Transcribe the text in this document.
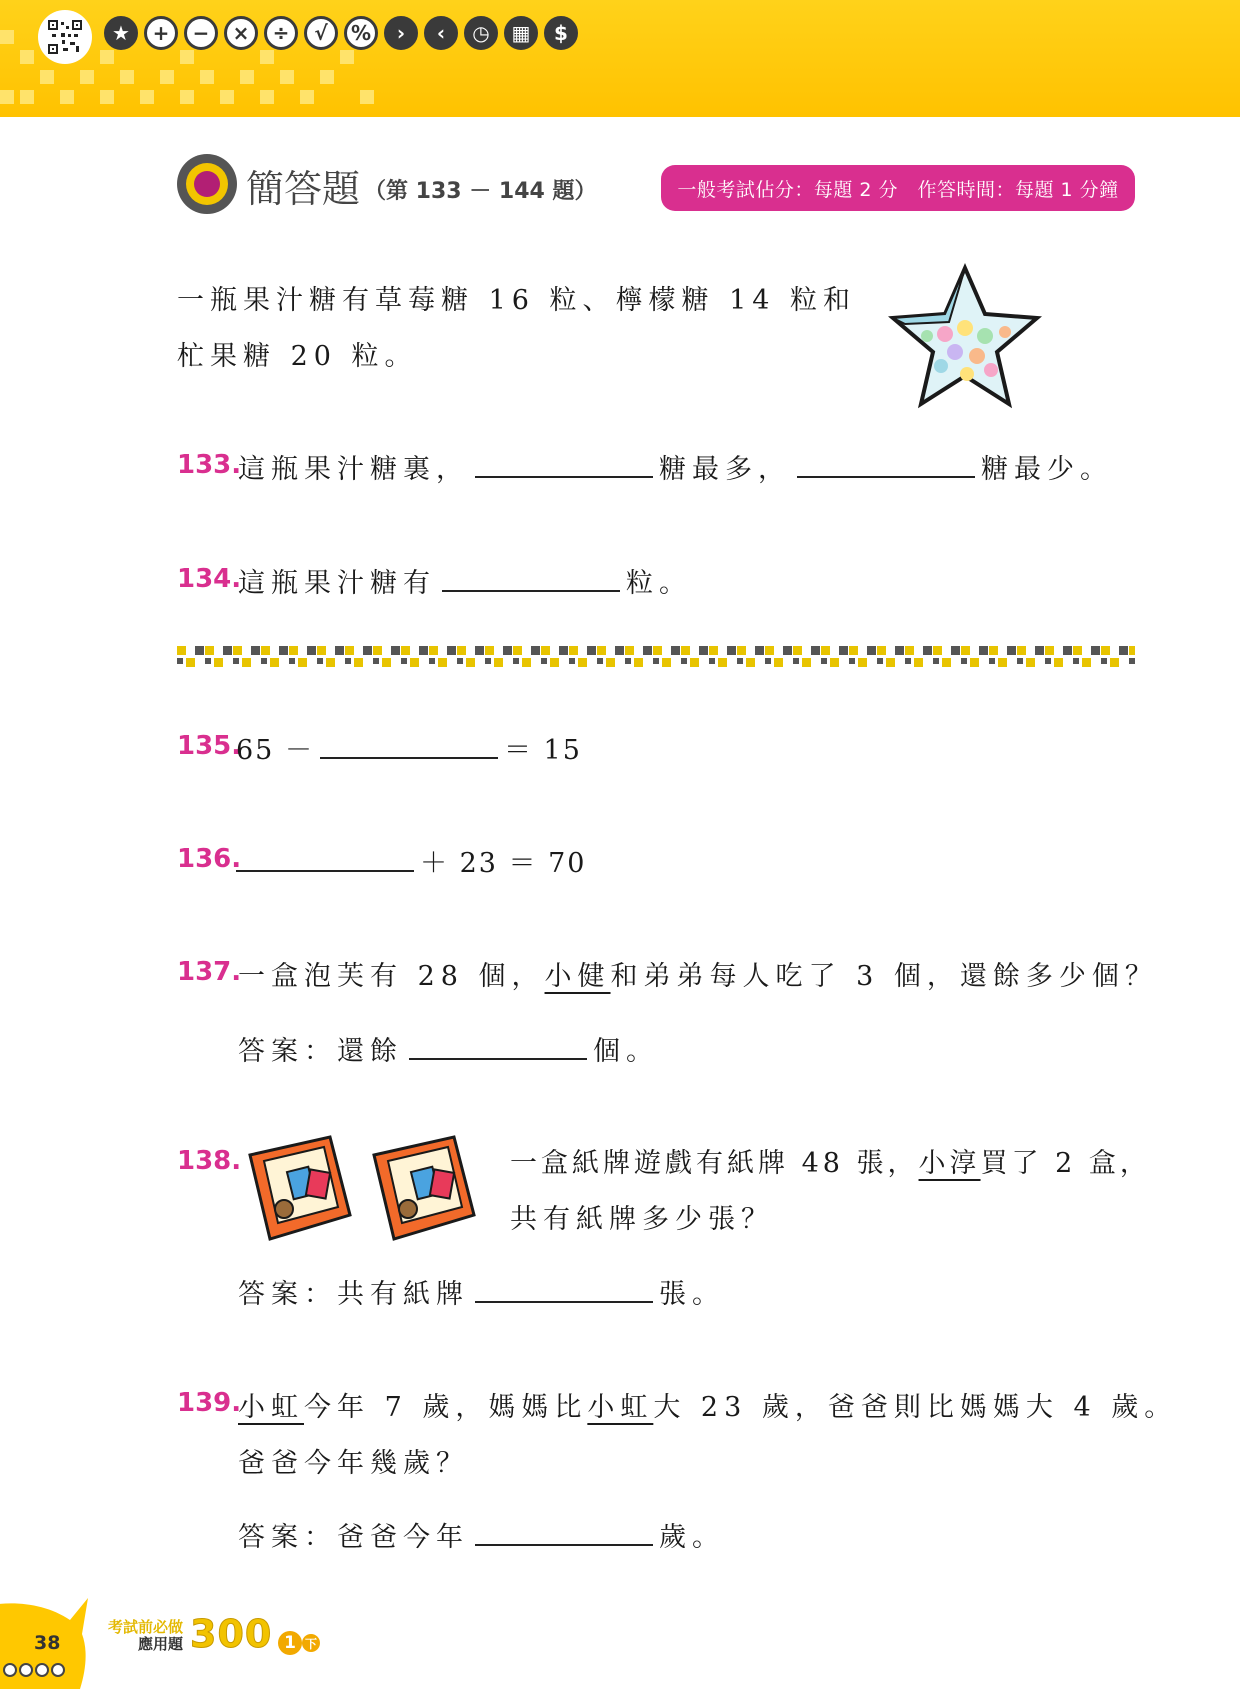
★	+	−	×	÷	√	%	›	‹	◷	▦	$
簡答題 （第 133 － 144 題）	一般考試佔分：每題 2 分　作答時間：每題 1 分鐘
一瓶果汁糖有草莓糖 16 粒、檸檬糖 14 粒和
杧果糖 20 粒。
133.
這瓶果汁糖裏，	糖最多，	糖最少。
134.
這瓶果汁糖有	粒。
135.
65 －	＝ 15
136.	＋ 23 ＝ 70
137.
一盒泡芙有 28 個，小健和弟弟每人吃了 3 個，還餘多少個？
答案：還餘	個。
138.	一盒紙牌遊戲有紙牌 48 張，小淳買了 2 盒，
共有紙牌多少張？
答案：共有紙牌	張。
139.
小虹今年 7 歲，媽媽比小虹大 23 歲，爸爸則比媽媽大 4 歲。
爸爸今年幾歲？
答案：爸爸今年	歲。
38
考試前必做
應用題 300 1 下
